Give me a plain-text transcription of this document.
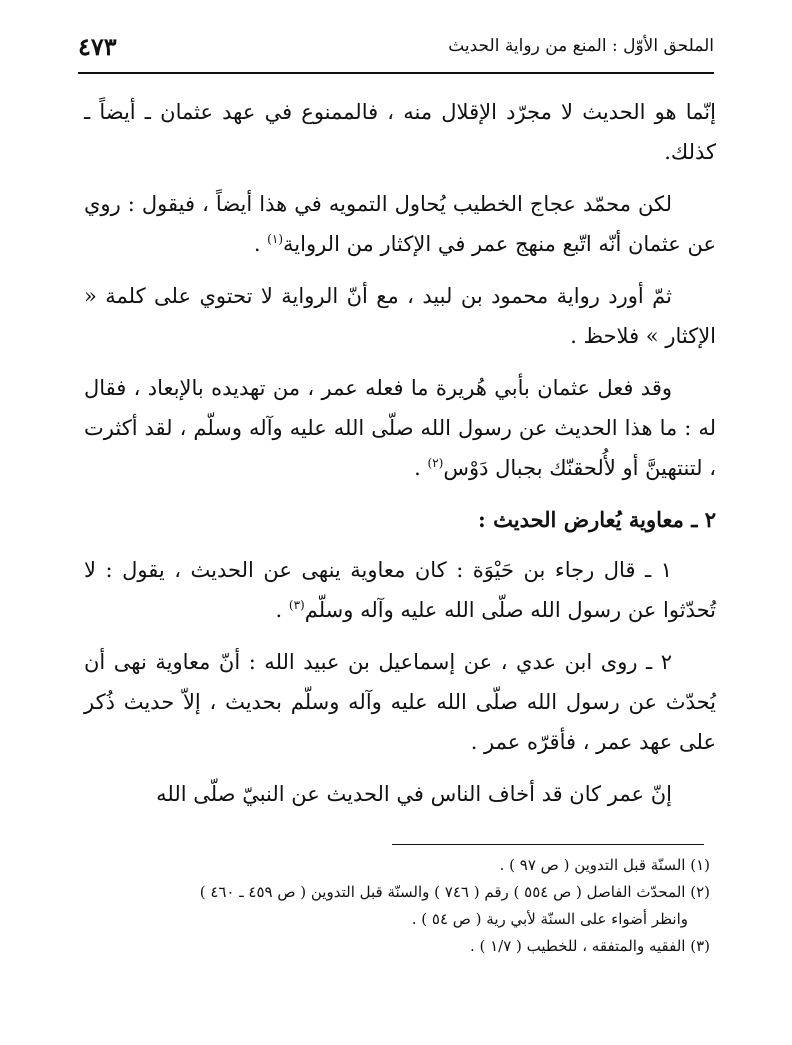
الملحق الأوّل : المنع من رواية الحديث
٤٧٣

إنّما هو الحديث لا مجرّد الإقلال منه ، فالممنوع في عهد عثمان ـ أيضاً ـ كذلك.

لكن محمّد عجاج الخطيب يُحاول التمويه في هذا أيضاً ، فيقول : روي عن عثمان أنّه اتّبع منهج عمر في الإكثار من الرواية$^{(١)}$ .

ثمّ أورد رواية محمود بن لبيد ، مع أنّ الرواية لا تحتوي على كلمة « الإكثار » فلاحظ .

وقد فعل عثمان بأبي هُريرة ما فعله عمر ، من تهديده بالإبعاد ، فقال له : ما هذا الحديث عن رسول الله صلّى الله عليه وآله وسلّم ، لقد أكثرت ، لتنتهينَّ أو لأُلحقنّك بجبال دَوْس$^{(٢)}$ .

٢ ـ معاوية يُعارض الحديث :

١ ـ قال رجاء بن حَيْوَة : كان معاوية ينهى عن الحديث ، يقول : لا تُحدّثوا عن رسول الله صلّى الله عليه وآله وسلّم$^{(٣)}$ .

٢ ـ روى ابن عدي ، عن إسماعيل بن عبيد الله : أنّ معاوية نهى أن يُحدّث عن رسول الله صلّى الله عليه وآله وسلّم بحديث ، إلاّ حديث ذُكر على عهد عمر ، فأقرّه عمر .

إنّ عمر كان قد أخاف الناس في الحديث عن النبيّ صلّى الله

(١) السنّة قبل التدوين ( ص ٩٧ ) .

(٢) المحدّث الفاصل ( ص ٥٥٤ ) رقم ( ٧٤٦ ) والسنّة قبل التدوين ( ص ٤٥٩ ـ ٤٦٠ )

وانظر أضواء على السنّة لأبي رية ( ص ٥٤ ) .

(٣) الفقيه والمتفقه ، للخطيب ( ١/٧ ) .
